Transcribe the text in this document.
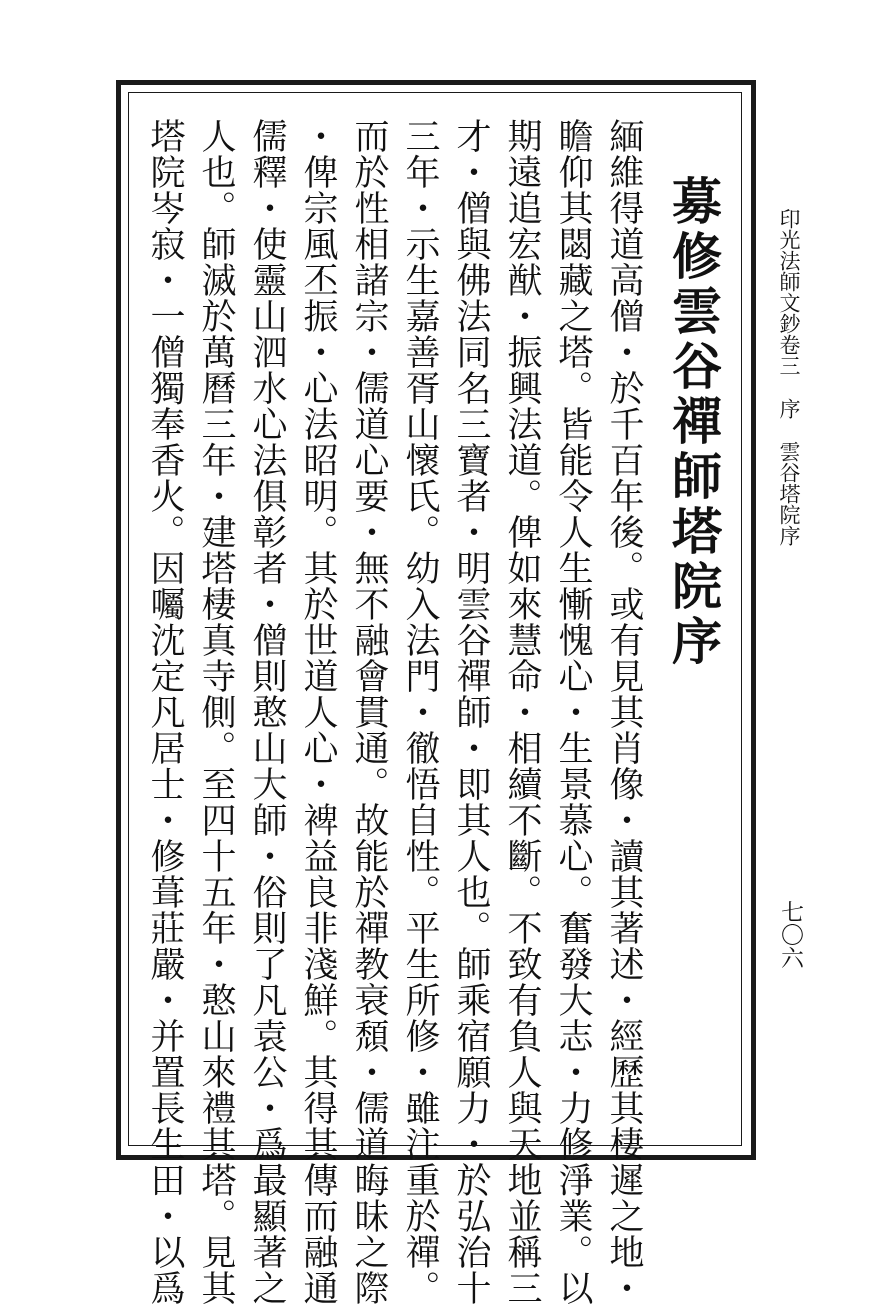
印光法師文鈔卷三序雲谷塔院序
七〇六
募修雲谷禪師塔院序
緬維得道高僧・於千百年後。或有見其肖像・讀其著述・經歷其棲遲之地・
瞻仰其閟藏之塔。皆能令人生慚愧心・生景慕心。奮發大志・力修淨業。以
期遠追宏猷・振興法道。俾如來慧命・相續不斷。不致有負人與天地並稱三
才・僧與佛法同名三寶者・明雲谷禪師・即其人也。師乘宿願力・於弘治十
三年・示生嘉善胥山懷氏。幼入法門・徹悟自性。平生所修・雖注重於禪。
而於性相諸宗・儒道心要・無不融會貫通。故能於禪教衰頹・儒道晦昧之際
・俾宗風丕振・心法昭明。其於世道人心・裨益良非淺鮮。其得其傳而融通
儒釋・使靈山泗水心法俱彰者・僧則憨山大師・俗則了凡袁公・爲最顯著之
人也。師滅於萬曆三年・建塔棲真寺側。至四十五年・憨山來禮其塔。見其
塔院岑寂・一僧獨奉香火。因囑沈定凡居士・修葺莊嚴・并置長生田・以爲
